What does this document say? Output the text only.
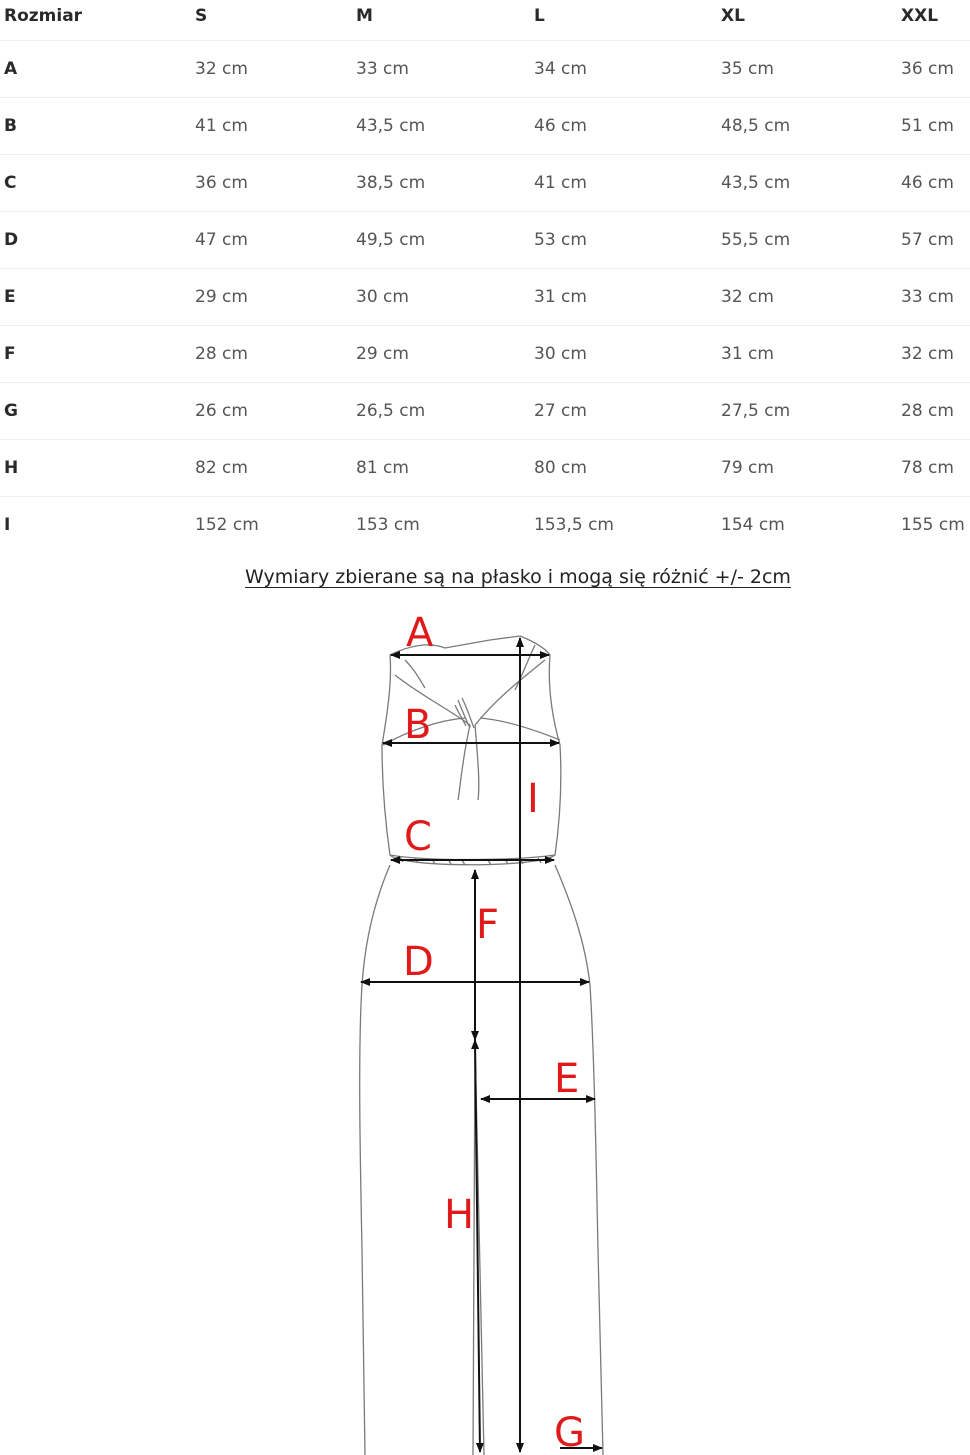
Rozmiar	S	M	L	XL	XXL
A	32 cm	33 cm	34 cm	35 cm	36 cm
B	41 cm	43,5 cm	46 cm	48,5 cm	51 cm
C	36 cm	38,5 cm	41 cm	43,5 cm	46 cm
D	47 cm	49,5 cm	53 cm	55,5 cm	57 cm
E	29 cm	30 cm	31 cm	32 cm	33 cm
F	28 cm	29 cm	30 cm	31 cm	32 cm
G	26 cm	26,5 cm	27 cm	27,5 cm	28 cm
H	82 cm	81 cm	80 cm	79 cm	78 cm
I	152 cm	153 cm	153,5 cm	154 cm	155 cm
Wymiary zbierane są na płasko i mogą się różnić +/- 2cm
A
B
C
D
E
F
G
H
I
